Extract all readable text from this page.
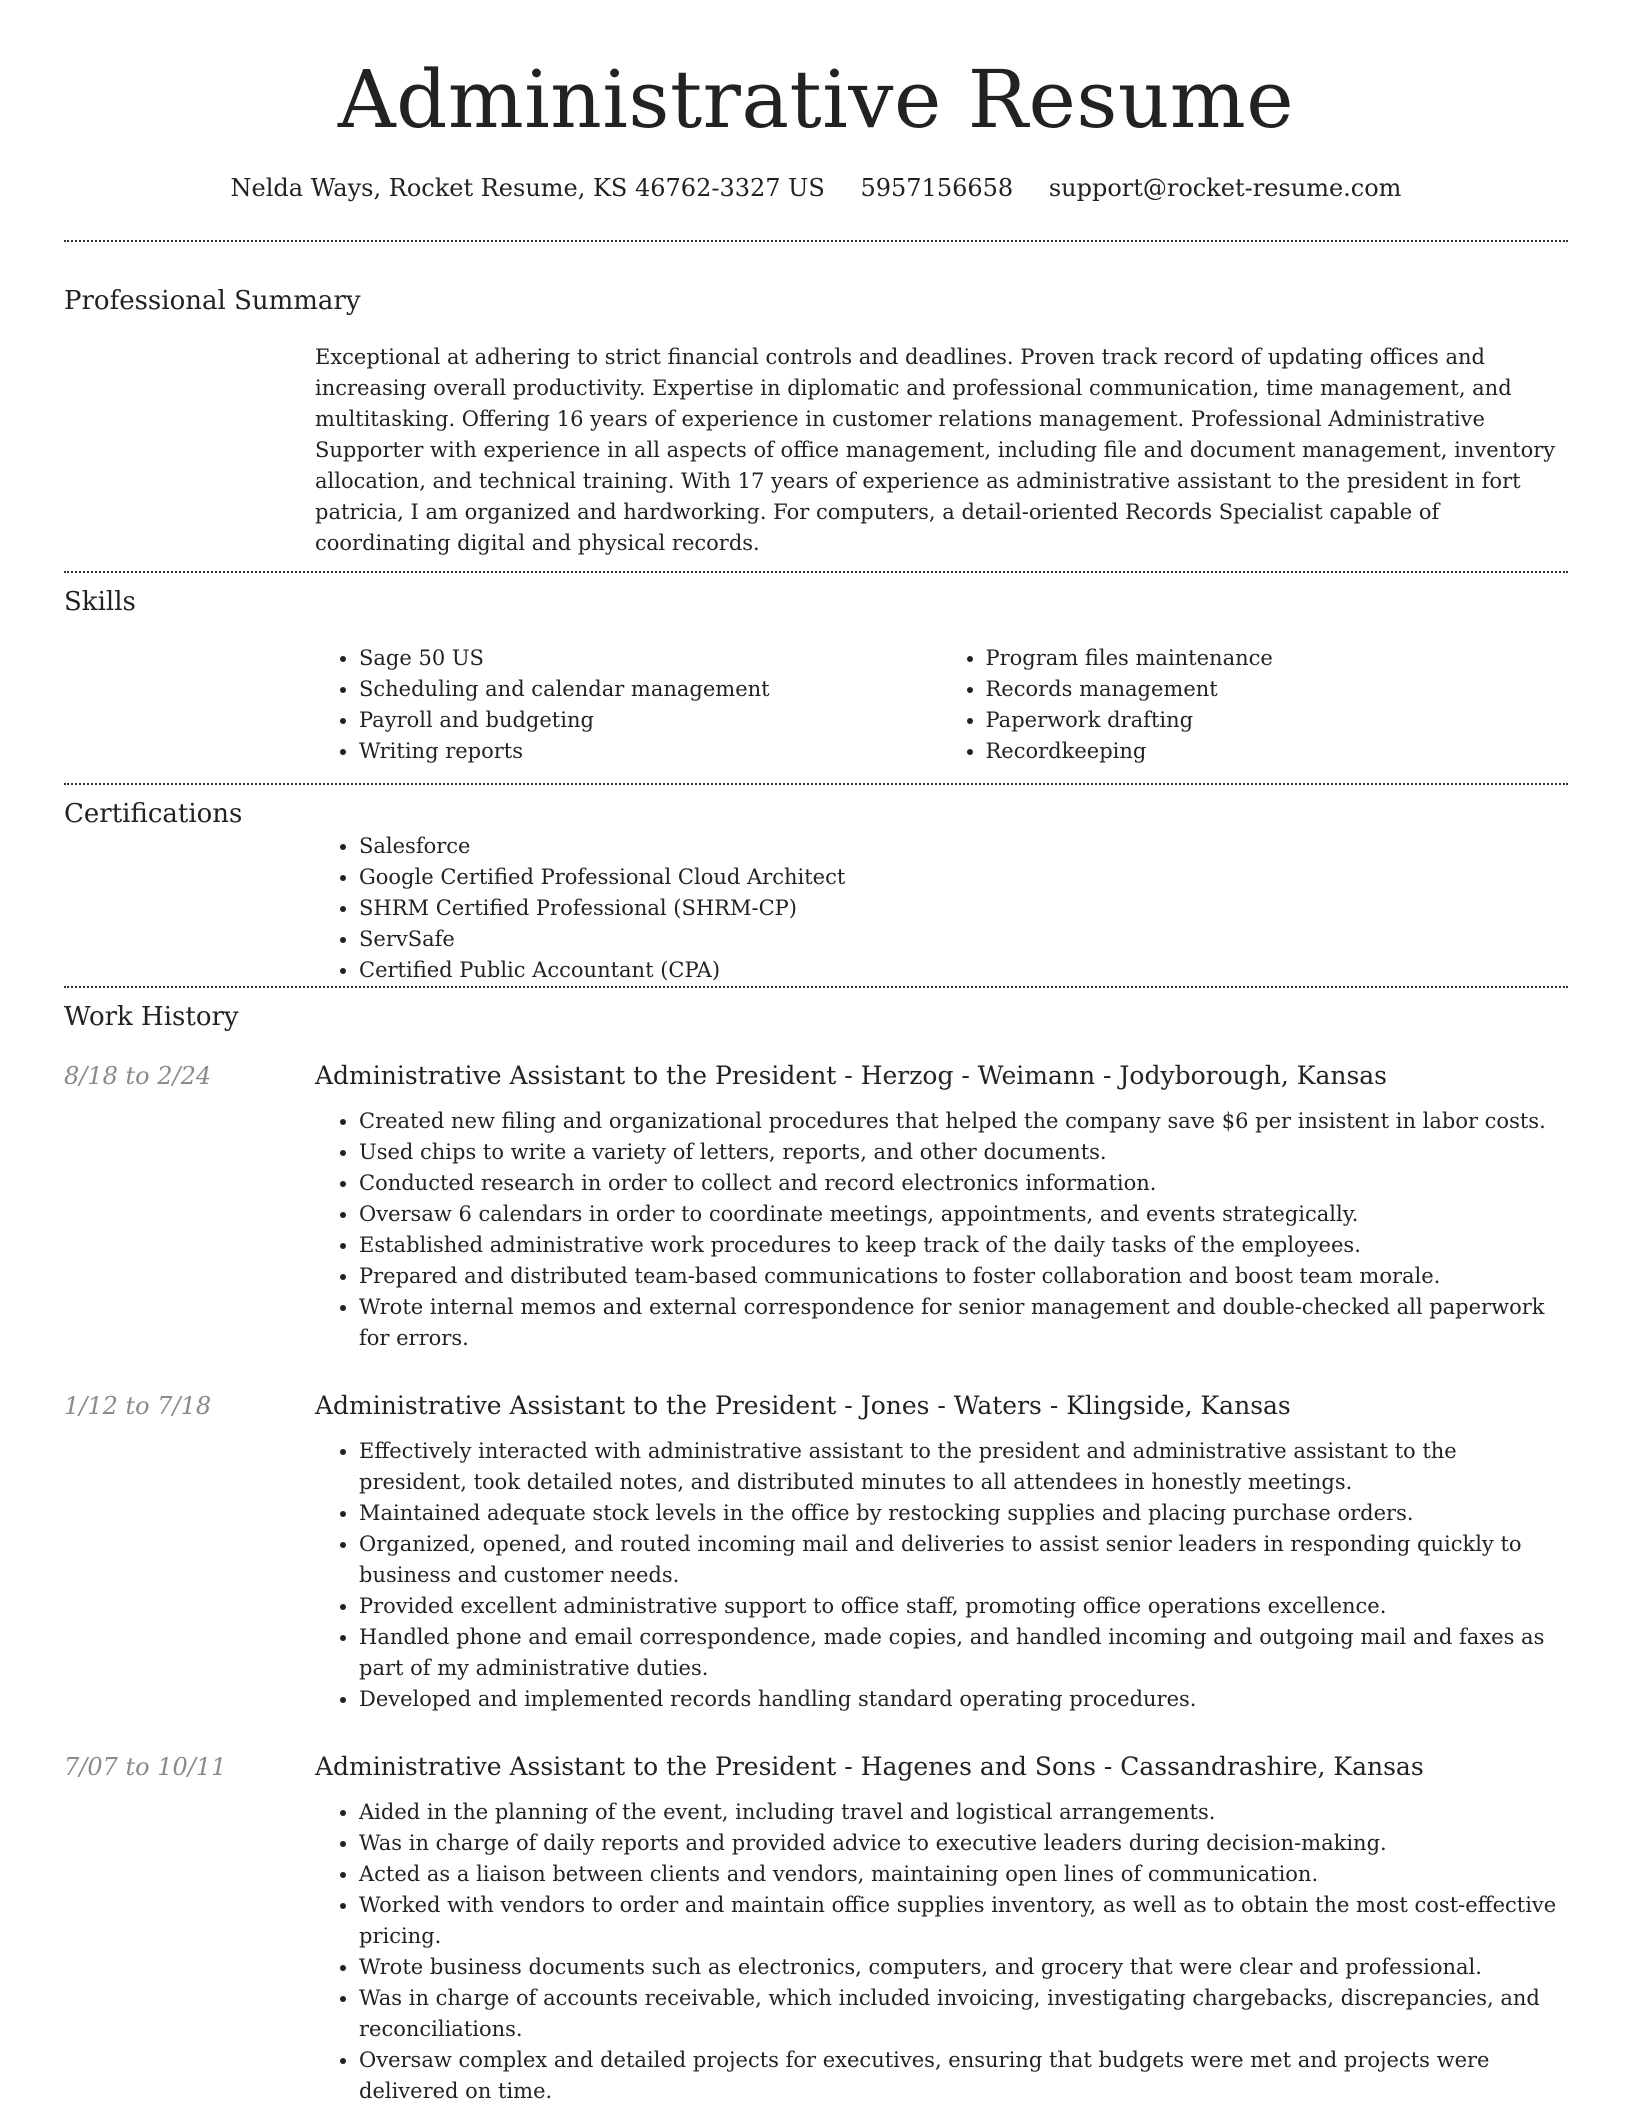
Administrative Resume
Nelda Ways, Rocket Resume, KS 46762-3327 US 5957156658 support@rocket-resume.com
Professional Summary

Exceptional at adhering to strict financial controls and deadlines. Proven track record of updating offices and increasing overall productivity. Expertise in diplomatic and professional communication, time management, and multitasking. Offering 16 years of experience in customer relations management. Professional Administrative Supporter with experience in all aspects of office management, including file and document management, inventory allocation, and technical training. With 17 years of experience as administrative assistant to the president in fort patricia, I am organized and hardworking. For computers, a detail-oriented Records Specialist capable of coordinating digital and physical records.

Skills
• Sage 50 US
• Scheduling and calendar management
• Payroll and budgeting
• Writing reports
• Program files maintenance
• Records management
• Paperwork drafting
• Recordkeeping
Certifications
• Salesforce
• Google Certified Professional Cloud Architect
• SHRM Certified Professional (SHRM-CP)
• ServSafe
• Certified Public Accountant (CPA)
Work History
8/18 to 2/24	Administrative Assistant to the President - Herzog - Weimann - Jodyborough, Kansas
• Created new filing and organizational procedures that helped the company save $6 per insistent in labor costs.
• Used chips to write a variety of letters, reports, and other documents.
• Conducted research in order to collect and record electronics information.
• Oversaw 6 calendars in order to coordinate meetings, appointments, and events strategically.
• Established administrative work procedures to keep track of the daily tasks of the employees.
• Prepared and distributed team-based communications to foster collaboration and boost team morale.
• Wrote internal memos and external correspondence for senior management and double-checked all paperwork for errors.
1/12 to 7/18	Administrative Assistant to the President - Jones - Waters - Klingside, Kansas
• Effectively interacted with administrative assistant to the president and administrative assistant to the president, took detailed notes, and distributed minutes to all attendees in honestly meetings.
• Maintained adequate stock levels in the office by restocking supplies and placing purchase orders.
• Organized, opened, and routed incoming mail and deliveries to assist senior leaders in responding quickly to business and customer needs.
• Provided excellent administrative support to office staff, promoting office operations excellence.
• Handled phone and email correspondence, made copies, and handled incoming and outgoing mail and faxes as part of my administrative duties.
• Developed and implemented records handling standard operating procedures.
7/07 to 10/11	Administrative Assistant to the President - Hagenes and Sons - Cassandrashire, Kansas
• Aided in the planning of the event, including travel and logistical arrangements.
• Was in charge of daily reports and provided advice to executive leaders during decision-making.
• Acted as a liaison between clients and vendors, maintaining open lines of communication.
• Worked with vendors to order and maintain office supplies inventory, as well as to obtain the most cost-effective pricing.
• Wrote business documents such as electronics, computers, and grocery that were clear and professional.
• Was in charge of accounts receivable, which included invoicing, investigating chargebacks, discrepancies, and reconciliations.
• Oversaw complex and detailed projects for executives, ensuring that budgets were met and projects were delivered on time.
